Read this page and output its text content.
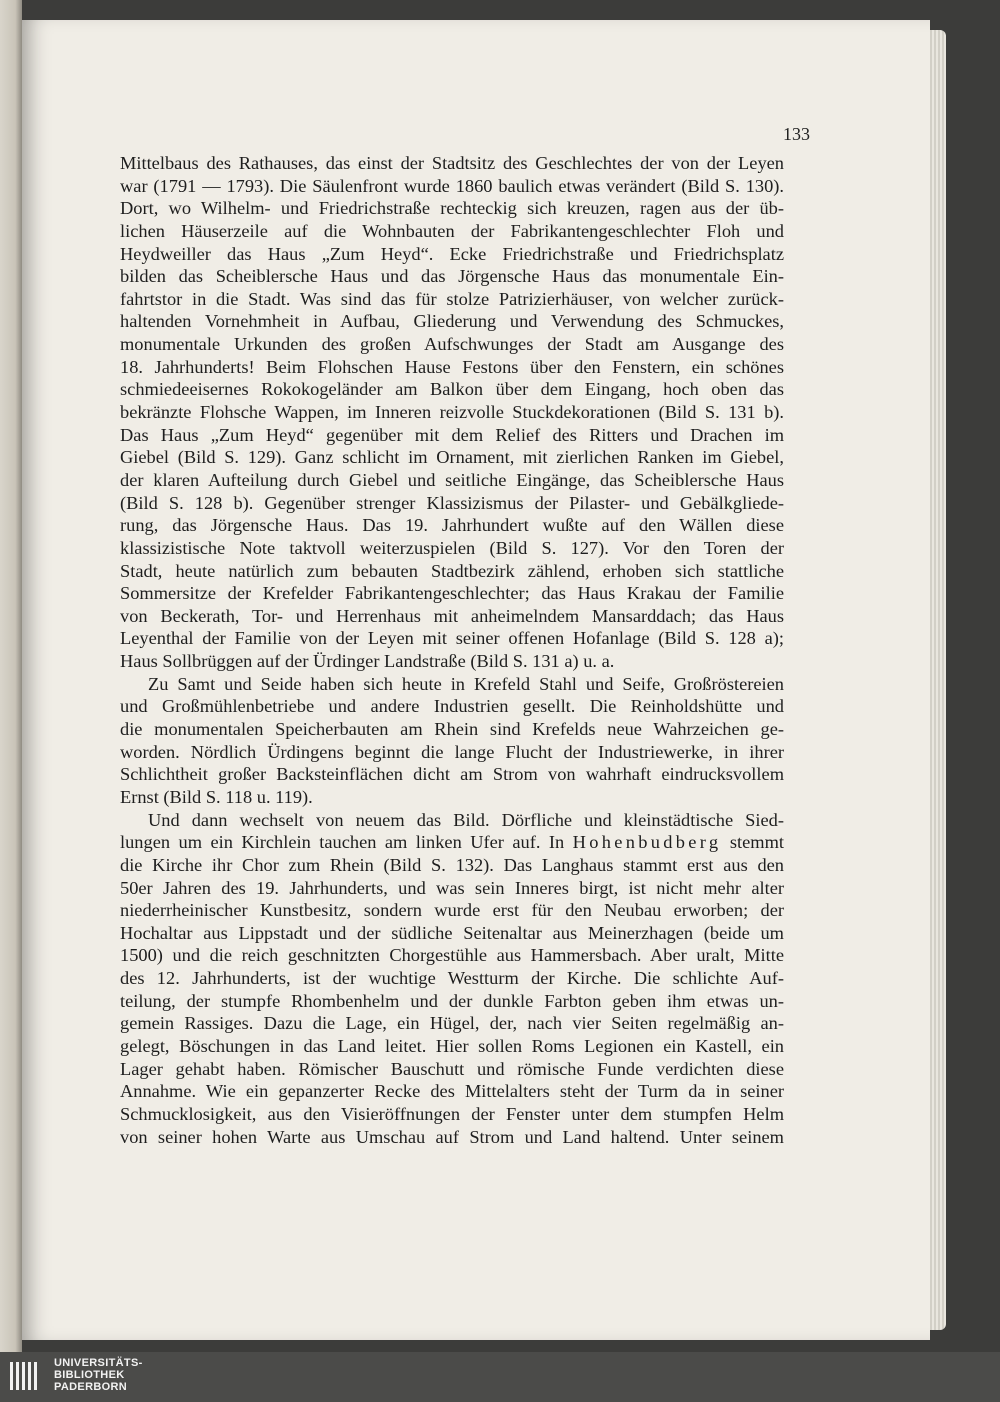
133
Mittelbaus des Rathauses, das einst der Stadtsitz des Geschlechtes der von der Leyen
war (1791 — 1793). Die Säulenfront wurde 1860 baulich etwas verändert (Bild S. 130).
Dort, wo Wilhelm- und Friedrichstraße rechteckig sich kreuzen, ragen aus der üb-
lichen Häuserzeile auf die Wohnbauten der Fabrikantengeschlechter Floh und
Heydweiller das Haus „Zum Heyd“. Ecke Friedrichstraße und Friedrichsplatz
bilden das Scheiblersche Haus und das Jörgensche Haus das monumentale Ein-
fahrtstor in die Stadt. Was sind das für stolze Patrizierhäuser, von welcher zurück-
haltenden Vornehmheit in Aufbau, Gliederung und Verwendung des Schmuckes,
monumentale Urkunden des großen Aufschwunges der Stadt am Ausgange des
18. Jahrhunderts! Beim Flohschen Hause Festons über den Fenstern, ein schönes
schmiedeeisernes Rokokogeländer am Balkon über dem Eingang, hoch oben das
bekränzte Flohsche Wappen, im Inneren reizvolle Stuckdekorationen (Bild S. 131 b).
Das Haus „Zum Heyd“ gegenüber mit dem Relief des Ritters und Drachen im
Giebel (Bild S. 129). Ganz schlicht im Ornament, mit zierlichen Ranken im Giebel,
der klaren Aufteilung durch Giebel und seitliche Eingänge, das Scheiblersche Haus
(Bild S. 128 b). Gegenüber strenger Klassizismus der Pilaster- und Gebälkgliede-
rung, das Jörgensche Haus. Das 19. Jahrhundert wußte auf den Wällen diese
klassizistische Note taktvoll weiterzuspielen (Bild S. 127). Vor den Toren der
Stadt, heute natürlich zum bebauten Stadtbezirk zählend, erhoben sich stattliche
Sommersitze der Krefelder Fabrikantengeschlechter; das Haus Krakau der Familie
von Beckerath, Tor- und Herrenhaus mit anheimelndem Mansarddach; das Haus
Leyenthal der Familie von der Leyen mit seiner offenen Hofanlage (Bild S. 128 a);
Haus Sollbrüggen auf der Ürdinger Landstraße (Bild S. 131 a) u. a.
Zu Samt und Seide haben sich heute in Krefeld Stahl und Seife, Großröstereien
und Großmühlenbetriebe und andere Industrien gesellt. Die Reinholdshütte und
die monumentalen Speicherbauten am Rhein sind Krefelds neue Wahrzeichen ge-
worden. Nördlich Ürdingens beginnt die lange Flucht der Industriewerke, in ihrer
Schlichtheit großer Backsteinflächen dicht am Strom von wahrhaft eindrucksvollem
Ernst (Bild S. 118 u. 119).
Und dann wechselt von neuem das Bild. Dörfliche und kleinstädtische Sied-
lungen um ein Kirchlein tauchen am linken Ufer auf. In Hohenbudberg stemmt
die Kirche ihr Chor zum Rhein (Bild S. 132). Das Langhaus stammt erst aus den
50er Jahren des 19. Jahrhunderts, und was sein Inneres birgt, ist nicht mehr alter
niederrheinischer Kunstbesitz, sondern wurde erst für den Neubau erworben; der
Hochaltar aus Lippstadt und der südliche Seitenaltar aus Meinerzhagen (beide um
1500) und die reich geschnitzten Chorgestühle aus Hammersbach. Aber uralt, Mitte
des 12. Jahrhunderts, ist der wuchtige Westturm der Kirche. Die schlichte Auf-
teilung, der stumpfe Rhombenhelm und der dunkle Farbton geben ihm etwas un-
gemein Rassiges. Dazu die Lage, ein Hügel, der, nach vier Seiten regelmäßig an-
gelegt, Böschungen in das Land leitet. Hier sollen Roms Legionen ein Kastell, ein
Lager gehabt haben. Römischer Bauschutt und römische Funde verdichten diese
Annahme. Wie ein gepanzerter Recke des Mittelalters steht der Turm da in seiner
Schmucklosigkeit, aus den Visieröffnungen der Fenster unter dem stumpfen Helm
von seiner hohen Warte aus Umschau auf Strom und Land haltend. Unter seinem
UNIVERSITÄTS-
BIBLIOTHEK
PADERBORN
